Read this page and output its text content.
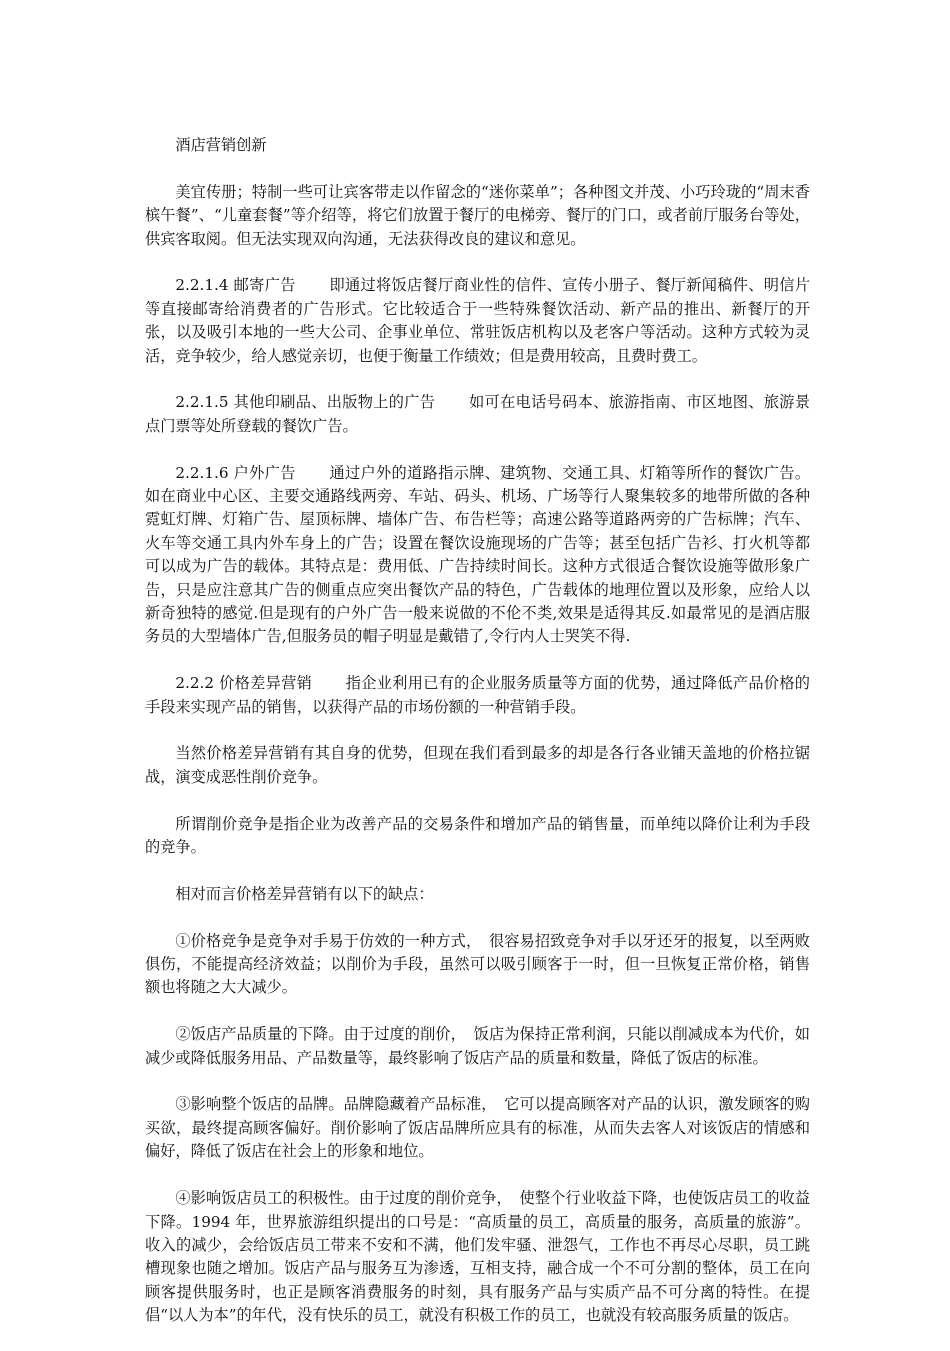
酒店营销创新

美宜传册；特制一些可让宾客带走以作留念的“迷你菜单”；各种图文并茂、小巧玲珑的“周末香槟午餐”、“儿童套餐”等介绍等，将它们放置于餐厅的电梯旁、餐厅的门口，或者前厅服务台等处，供宾客取阅。但无法实现双向沟通，无法获得改良的建议和意见。

2.2.1.4 邮寄广告 即通过将饭店餐厅商业性的信件、宣传小册子、餐厅新闻稿件、明信片等直接邮寄给消费者的广告形式。它比较适合于一些特殊餐饮活动、新产品的推出、新餐厅的开张，以及吸引本地的一些大公司、企事业单位、常驻饭店机构以及老客户等活动。这种方式较为灵活，竞争较少，给人感觉亲切，也便于衡量工作绩效；但是费用较高，且费时费工。

2.2.1.5 其他印刷品、出版物上的广告 如可在电话号码本、旅游指南、市区地图、旅游景点门票等处所登载的餐饮广告。

2.2.1.6 户外广告 通过户外的道路指示牌、建筑物、交通工具、灯箱等所作的餐饮广告。如在商业中心区、主要交通路线两旁、车站、码头、机场、广场等行人聚集较多的地带所做的各种霓虹灯牌、灯箱广告、屋顶标牌、墙体广告、布告栏等；高速公路等道路两旁的广告标牌；汽车、火车等交通工具内外车身上的广告；设置在餐饮设施现场的广告等；甚至包括广告衫、打火机等都可以成为广告的载体。其特点是：费用低、广告持续时间长。这种方式很适合餐饮设施等做形象广告，只是应注意其广告的侧重点应突出餐饮产品的特色，广告载体的地理位置以及形象，应给人以新奇独特的感觉.但是现有的户外广告一般来说做的不伦不类,效果是适得其反.如最常见的是酒店服务员的大型墙体广告,但服务员的帽子明显是戴错了,令行内人士哭笑不得.

2.2.2 价格差异营销 指企业利用已有的企业服务质量等方面的优势，通过降低产品价格的手段来实现产品的销售，以获得产品的市场份额的一种营销手段。

当然价格差异营销有其自身的优势，但现在我们看到最多的却是各行各业铺天盖地的价格拉锯战，演变成恶性削价竞争。

所谓削价竞争是指企业为改善产品的交易条件和增加产品的销售量，而单纯以降价让利为手段的竞争。

相对而言价格差异营销有以下的缺点：

①价格竞争是竞争对手易于仿效的一种方式，　很容易招致竞争对手以牙还牙的报复，以至两败俱伤，不能提高经济效益；以削价为手段，虽然可以吸引顾客于一时，但一旦恢复正常价格，销售额也将随之大大减少。

②饭店产品质量的下降。由于过度的削价，　饭店为保持正常利润，只能以削减成本为代价，如减少或降低服务用品、产品数量等，最终影响了饭店产品的质量和数量，降低了饭店的标准。

③影响整个饭店的品牌。品牌隐藏着产品标准，　它可以提高顾客对产品的认识，激发顾客的购买欲，最终提高顾客偏好。削价影响了饭店品牌所应具有的标准，从而失去客人对该饭店的情感和偏好，降低了饭店在社会上的形象和地位。

④影响饭店员工的积极性。由于过度的削价竞争，　使整个行业收益下降，也使饭店员工的收益下降。1994 年，世界旅游组织提出的口号是：“高质量的员工，高质量的服务，高质量的旅游”。收入的减少，会给饭店员工带来不安和不满，他们发牢骚、泄怨气，工作也不再尽心尽职，员工跳槽现象也随之增加。饭店产品与服务互为渗透，互相支持，融合成一个不可分割的整体，员工在向顾客提供服务时，也正是顾客消费服务的时刻，具有服务产品与实质产品不可分离的特性。在提倡“以人为本”的年代，没有快乐的员工，就没有积极工作的员工，也就没有较高服务质量的饭店。
